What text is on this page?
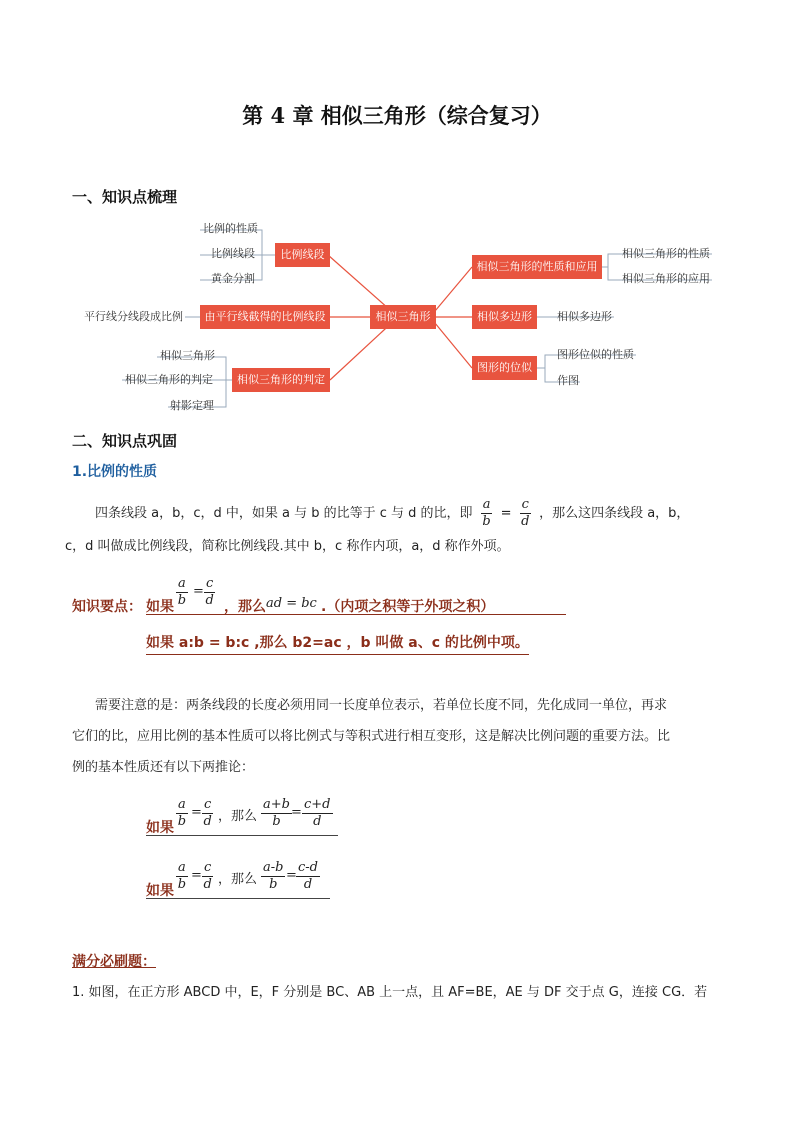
第 4 章 相似三角形（综合复习）
一、知识点梳理
相似三角形
比例线段
比例的性质
比例线段
黄金分割
由平行线截得的比例线段
平行线分线段成比例
相似三角形的判定
相似三角形
相似三角形的判定
射影定理
相似三角形的性质和应用
相似三角形的性质
相似三角形的应用
相似多边形	相似多边形
图形的位似
图形位似的性质
作图
二、知识点巩固
1.比例的性质
四条线段 a，b，c，d 中，如果 a 与 b 的比等于 c 与 d 的比，即 $\frac{a}{b} = \frac{c}{d}$ ，那么这四条线段 a，b，
c，d 叫做成比例线段，简称比例线段.其中 b，c 称作内项，a，d 称作外项。
知识要点： 如果 $\frac{a}{b} = \frac{c}{d}$ ，那么 ad = bc .（内项之积等于外项之积）
如果 a:b = b:c ,那么 b2=ac ，b 叫做 a、c 的比例中项。
需要注意的是：两条线段的长度必须用同一长度单位表示，若单位长度不同，先化成同一单位，再求
它们的比，应用比例的基本性质可以将比例式与等积式进行相互变形，这是解决比例问题的重要方法。比
例的基本性质还有以下两推论：
如果 $\frac{a}{b} = \frac{c}{d}$ ，那么 $\frac{a+b}{b} = \frac{c+d}{d}$
如果 $\frac{a}{b} = \frac{c}{d}$ ，那么 $\frac{a-b}{b} = \frac{c-d}{d}$
满分必刷题：
1. 如图，在正方形 ABCD 中，E，F 分别是 BC、AB 上一点，且 AF=BE，AE 与 DF 交于点 G，连接 CG．若
